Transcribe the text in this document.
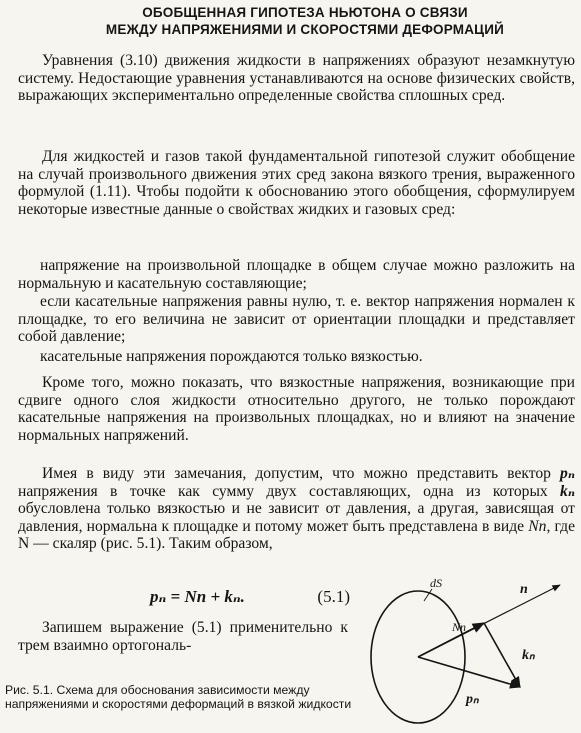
ОБОБЩЕННАЯ ГИПОТЕЗА НЬЮТОНА О СВЯЗИ
МЕЖДУ НАПРЯЖЕНИЯМИ И СКОРОСТЯМИ ДЕФОРМАЦИЙ

Уравнения (3.10) движения жидкости в напряжениях образуют незамкнутую систему. Недостающие уравнения устанавливаются на основе физических свойств, выражающих экспериментально определенные свойства сплошных сред.

Для жидкостей и газов такой фундаментальной гипотезой служит обобщение на случай произвольного движения этих сред закона вязкого трения, выраженного формулой (1.11). Чтобы подойти к обоснованию этого обобщения, сформулируем некоторые известные данные о свойствах жидких и газовых сред:

напряжение на произвольной площадке в общем случае можно разложить на нормальную и касательную составляющие;

если касательные напряжения равны нулю, т. е. вектор напряжения нормален к площадке, то его величина не зависит от ориентации площадки и представляет собой давление;

касательные напряжения порождаются только вязкостью.

Кроме того, можно показать, что вязкостные напряжения, возникающие при сдвиге одного слоя жидкости относительно другого, не только порождают касательные напряжения на произвольных площадках, но и влияют на значение нормальных напряжений.

Имея в виду эти замечания, допустим, что можно представить вектор pₙ напряжения в точке как сумму двух составляющих, одна из которых kₙ обусловлена только вязкостью и не зависит от давления, а другая, зависящая от давления, нормальна к площадке и потому может быть представлена в виде Nn, где N — скаляр (рис. 5.1). Таким образом,

pₙ = Nn + kₙ.	(5.1)

Запишем выражение (5.1) применительно к трем взаимно ортогональ-

dS	n
Nn
kₙ
pₙ
Рис. 5.1. Схема для обоснования зависимости между напряжениями и скоростями деформаций в вязкой жидкости
